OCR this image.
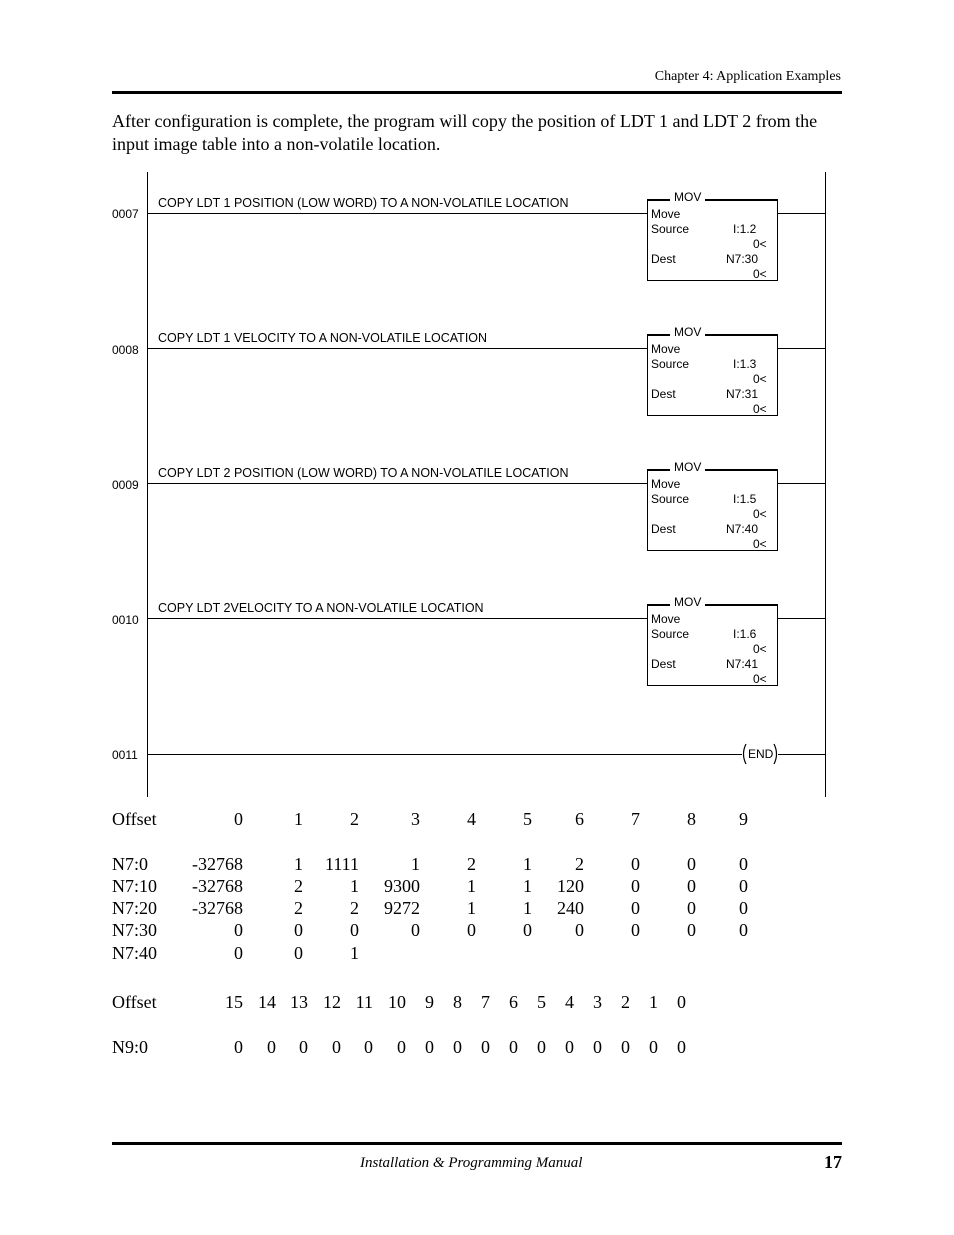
Chapter 4: Application Examples

After configuration is complete, the program will copy the position of LDT 1 and LDT 2 from the input image table into a non-volatile location.

0007
COPY LDT 1 POSITION (LOW WORD) TO A NON-VOLATILE LOCATION	MOV
Move
Source	I:1.2
0<
Dest	N7:30
0<
0008
COPY LDT 1 VELOCITY TO A NON-VOLATILE LOCATION	MOV
Move
Source	I:1.3
0<
Dest	N7:31
0<
0009
COPY LDT 2 POSITION (LOW WORD) TO A NON-VOLATILE LOCATION	MOV
Move
Source	I:1.5
0<
Dest	N7:40
0<
0010
COPY LDT 2VELOCITY TO A NON-VOLATILE LOCATION	MOV
Move
Source	I:1.6
0<
Dest	N7:41
0<
0011	END
Offset	0	1	2	3	4	5	6	7	8	9
N7:0	-32768	1	1111	1	2	1	2	0	0	0
N7:10	-32768	2	1	9300	1	1	120	0	0	0
N7:20	-32768	2	2	9272	1	1	240	0	0	0
N7:30	0	0	0	0	0	0	0	0	0	0
N7:40	0	0	1
Offset	15 14 13 12 11 10	9	8	7	6	5	4	3	2	1	0
N9:0	0	0	0	0	0	0	0	0	0	0	0	0	0	0	0	0
Installation & Programming Manual	17
